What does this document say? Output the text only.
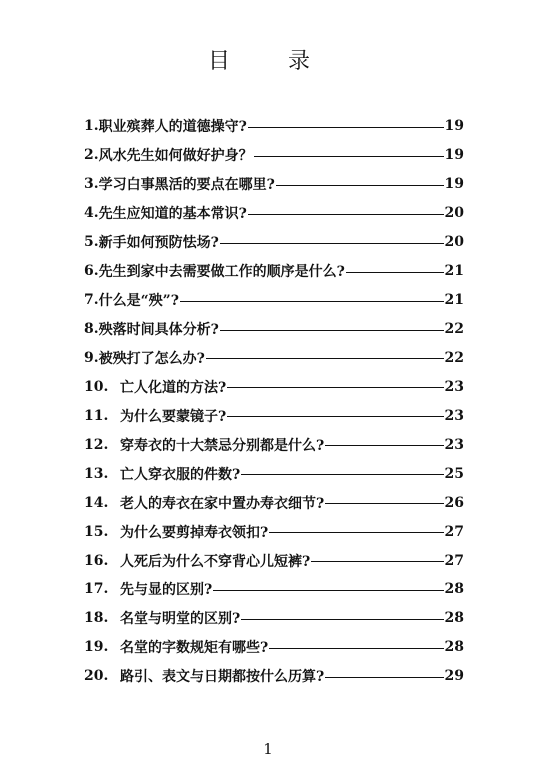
目　录
1. 职业殡葬人的道德操守?	19
2. 风水先生如何做好护身？	19
3. 学习白事黑活的要点在哪里?	19
4. 先生应知道的基本常识?	20
5. 新手如何预防怯场?	20
6. 先生到家中去需要做工作的顺序是什么?	21
7. 什么是“殃”?	21
8. 殃落时间具体分析?	22
9. 被殃打了怎么办?	22
10. 亡人化道的方法?	23
11. 为什么要蒙镜子?	23
12. 穿寿衣的十大禁忌分别都是什么?	23
13. 亡人穿衣服的件数?	25
14. 老人的寿衣在家中置办寿衣细节?	26
15. 为什么要剪掉寿衣领扣?	27
16. 人死后为什么不穿背心儿短裤?	27
17. 先与显的区别?	28
18. 名堂与明堂的区别?	28
19. 名堂的字数规矩有哪些?	28
20. 路引、表文与日期都按什么历算?	29
1
